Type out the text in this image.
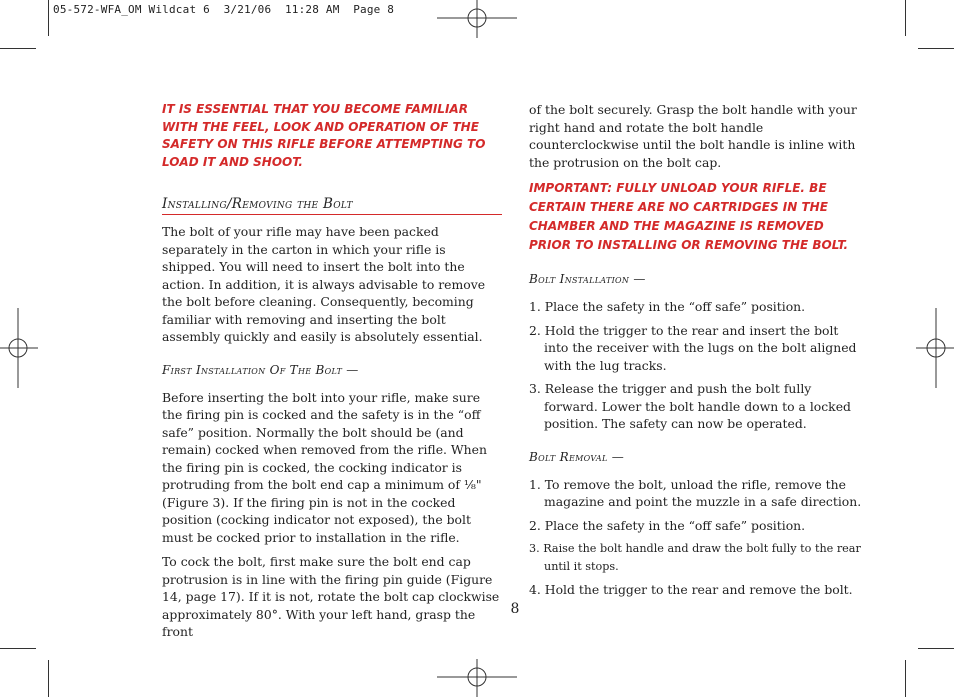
05-572-WFA_OM Wildcat 6  3/21/06  11:28 AM  Page 8

IT IS ESSENTIAL THAT YOU BECOME FAMILIAR WITH THE FEEL, LOOK AND OPERATION OF THE SAFETY ON THIS RIFLE BEFORE ATTEMPTING TO LOAD IT AND SHOOT.

Installing/Removing the Bolt

The bolt of your rifle may have been packed separately in the carton in which your rifle is shipped. You will need to insert the bolt into the action. In addition, it is always advisable to remove the bolt before cleaning. Consequently, becoming familiar with removing and inserting the bolt assembly quickly and easily is absolutely essential.

First Installation Of The Bolt —

Before inserting the bolt into your rifle, make sure the firing pin is cocked and the safety is in the “off safe” position. Normally the bolt should be (and remain) cocked when removed from the rifle. When the firing pin is cocked, the cocking indicator is protruding from the bolt end cap a minimum of ⅛" (Figure 3). If the firing pin is not in the cocked position (cocking indicator not exposed), the bolt must be cocked prior to installation in the rifle.

To cock the bolt, first make sure the bolt end cap protrusion is in line with the firing pin guide (Figure 14, page 17). If it is not, rotate the bolt cap clockwise approximately 80°. With your left hand, grasp the front

of the bolt securely. Grasp the bolt handle with your right hand and rotate the bolt handle counterclockwise until the bolt handle is inline with the protrusion on the bolt cap.

IMPORTANT: FULLY UNLOAD YOUR RIFLE. BE CERTAIN THERE ARE NO CARTRIDGES IN THE CHAMBER AND THE MAGAZINE IS REMOVED PRIOR TO INSTALLING OR REMOVING THE BOLT.

Bolt Installation —
1. Place the safety in the “off safe” position.
2. Hold the trigger to the rear and insert the bolt into the receiver with the lugs on the bolt aligned with the lug tracks.
3. Release the trigger and push the bolt fully forward. Lower the bolt handle down to a locked position. The safety can now be operated.
Bolt Removal —
1. To remove the bolt, unload the rifle, remove the magazine and point the muzzle in a safe direction.
2. Place the safety in the “off safe” position.
3. Raise the bolt handle and draw the bolt fully to the rear until it stops.
4. Hold the trigger to the rear and remove the bolt.
8
